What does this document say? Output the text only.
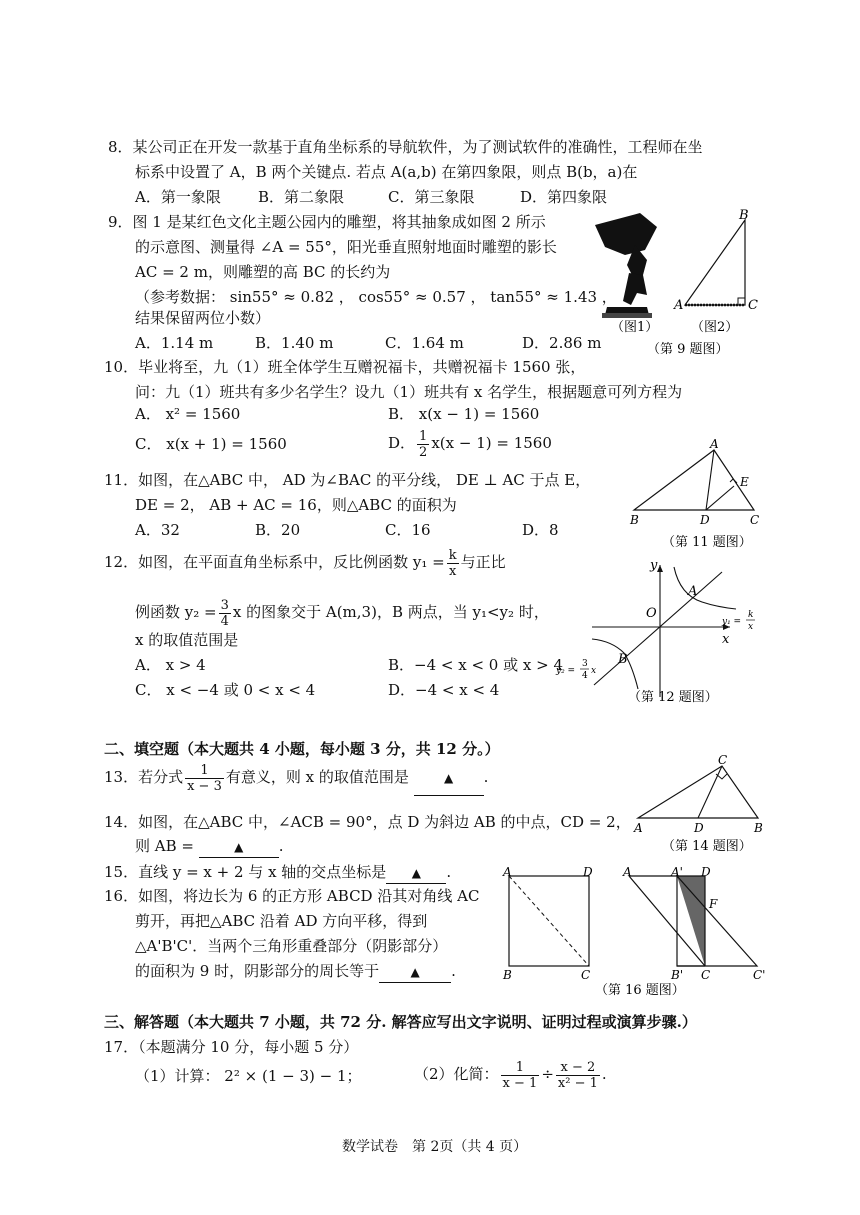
8．某公司正在开发一款基于直角坐标系的导航软件，为了测试软件的准确性，工程师在坐
标系中设置了 A，B 两个关键点. 若点 A(a,b) 在第四象限，则点 B(b，a)在
A．第一象限 B．第二象限	C．第三象限	D．第四象限
9．图 1 是某红色文化主题公园内的雕塑，将其抽象成如图 2 所示
的示意图、测量得 ∠A = 55°，阳光垂直照射地面时雕塑的影长
AC = 2 m，则雕塑的高 BC 的长约为
（参考数据： sin55° ≈ 0.82 ， cos55° ≈ 0.57 ， tan55° ≈ 1.43 ，
结果保留两位小数）
A．1.14 m	B．1.40 m	C．1.64 m	D．2.86 m
B
A	C
（图1）	（图2）
（第 9 题图）
10．毕业将至，九（1）班全体学生互赠祝福卡，共赠祝福卡 1560 张，
问：九（1）班共有多少名学生？设九（1）班共有 x 名学生，根据题意可列方程为
A． x² = 1560	B． x(x − 1) = 1560
C． x(x + 1) = 1560	D． $\frac{1}{2} x(x - 1) = 1560$
11．如图，在△ABC 中， AD 为∠BAC 的平分线， DE ⊥ AC 于点 E，
DE = 2， AB + AC = 16，则△ABC 的面积为
A．32	B．20	C．16	D．8
A
B	D	C
E
（第 11 题图）
12．如图，在平面直角坐标系中，反比例函数 $y_1 = \frac{k}{x}$ 与正比
例函数 $y_2 = \frac{3}{4}$ x 的图象交于 A(m,3)，B 两点，当 y₁<y₂ 时，
x 的取值范围是
A． x > 4	B．−4 < x < 0 或 x > 4
C． x < −4 或 0 < x < 4	D．−4 < x < 4
y
x
O
A
B
y₁ =
k
x
y₂ =
3
4 x
（第 12 题图）
二、填空题（本大题共 4 小题，每小题 3 分，共 12 分。）
13．若分式 $\frac{1}{x - 3}$ 有意义，则 x 的取值范围是	▲ .
14．如图，在△ABC 中，∠ACB = 90°，点 D 为斜边 AB 的中点，CD = 2，
则 AB =	▲ .
C
A	D	B
（第 14 题图）
15．直线 y = x + 2 与 x 轴的交点坐标是 ▲ .
16．如图，将边长为 6 的正方形 ABCD 沿其对角线 AC
剪开，再把△ABC 沿着 AD 方向平移，得到
△A'B'C'．当两个三角形重叠部分（阴影部分）
的面积为 9 时，阴影部分的周长等于	▲ .
A	D
B	C
A	A' D
F
B' C	C'
（第 16 题图）
三、解答题（本大题共 7 小题，共 72 分. 解答应写出文字说明、证明过程或演算步骤.）
17．（本题满分 10 分，每小题 5 分）
（1）计算： 2² × (1 − 3) − 1；	（2）化简： $\frac{1}{x - 1} \div \frac{x - 2}{\text{x² − 1}}$ .
数学试卷　第 2页（共 4 页）
